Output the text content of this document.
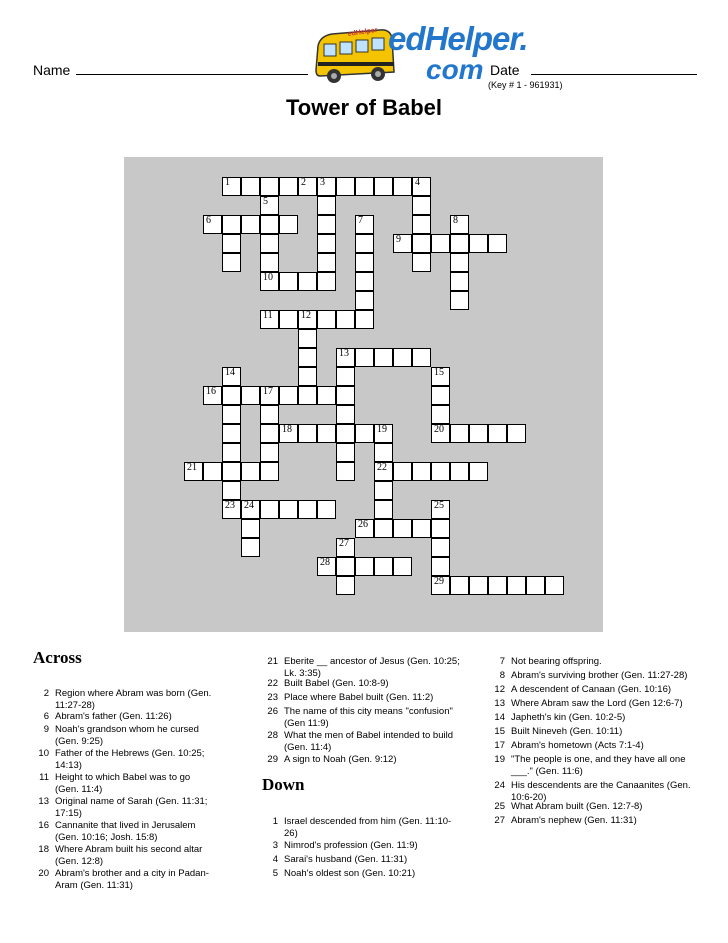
Name
edHelper edHelper.
com Date
(Key # 1 - 961931)
Tower of Babel
1	2 3	4
5
6	7	8
9
10
11	12
13
14	15
16	17
18	19	20
21	22
23 24	25
26
27
28
29
Across
Down
2 Region where Abram was born (Gen. 11:27-28)
6 Abram's father (Gen. 11:26)
9 Noah's grandson whom he cursed (Gen. 9:25)
10 Father of the Hebrews (Gen. 10:25; 14:13)
11 Height to which Babel was to go (Gen. 11:4)
13 Original name of Sarah (Gen. 11:31; 17:15)
16 Cannanite that lived in Jerusalem (Gen. 10:16; Josh. 15:8)
18 Where Abram built his second altar (Gen. 12:8)
20 Abram's brother and a city in Padan-Aram (Gen. 11:31)
21 Eberite __ ancestor of Jesus (Gen. 10:25; Lk. 3:35)
22 Built Babel (Gen. 10:8-9)
23 Place where Babel built (Gen. 11:2)
26 The name of this city means "confusion" (Gen 11:9)
28 What the men of Babel intended to build (Gen. 11:4)
29 A sign to Noah (Gen. 9:12)
1 Israel descended from him (Gen. 11:10-26)
3 Nimrod's profession (Gen. 11:9)
4 Sarai's husband (Gen. 11:31)
5 Noah's oldest son (Gen. 10:21)
7 Not bearing offspring.
8 Abram's surviving brother (Gen. 11:27-28)
12 A descendent of Canaan (Gen. 10:16)
13 Where Abram saw the Lord (Gen 12:6-7)
14 Japheth's kin (Gen. 10:2-5)
15 Built Nineveh (Gen. 10:11)
17 Abram's hometown (Acts 7:1-4)
19 "The people is one, and they have all one ___." (Gen. 11:6)
24 His descendents are the Canaanites (Gen. 10:6-20)
25 What Abram built (Gen. 12:7-8)
27 Abram's nephew (Gen. 11:31)
